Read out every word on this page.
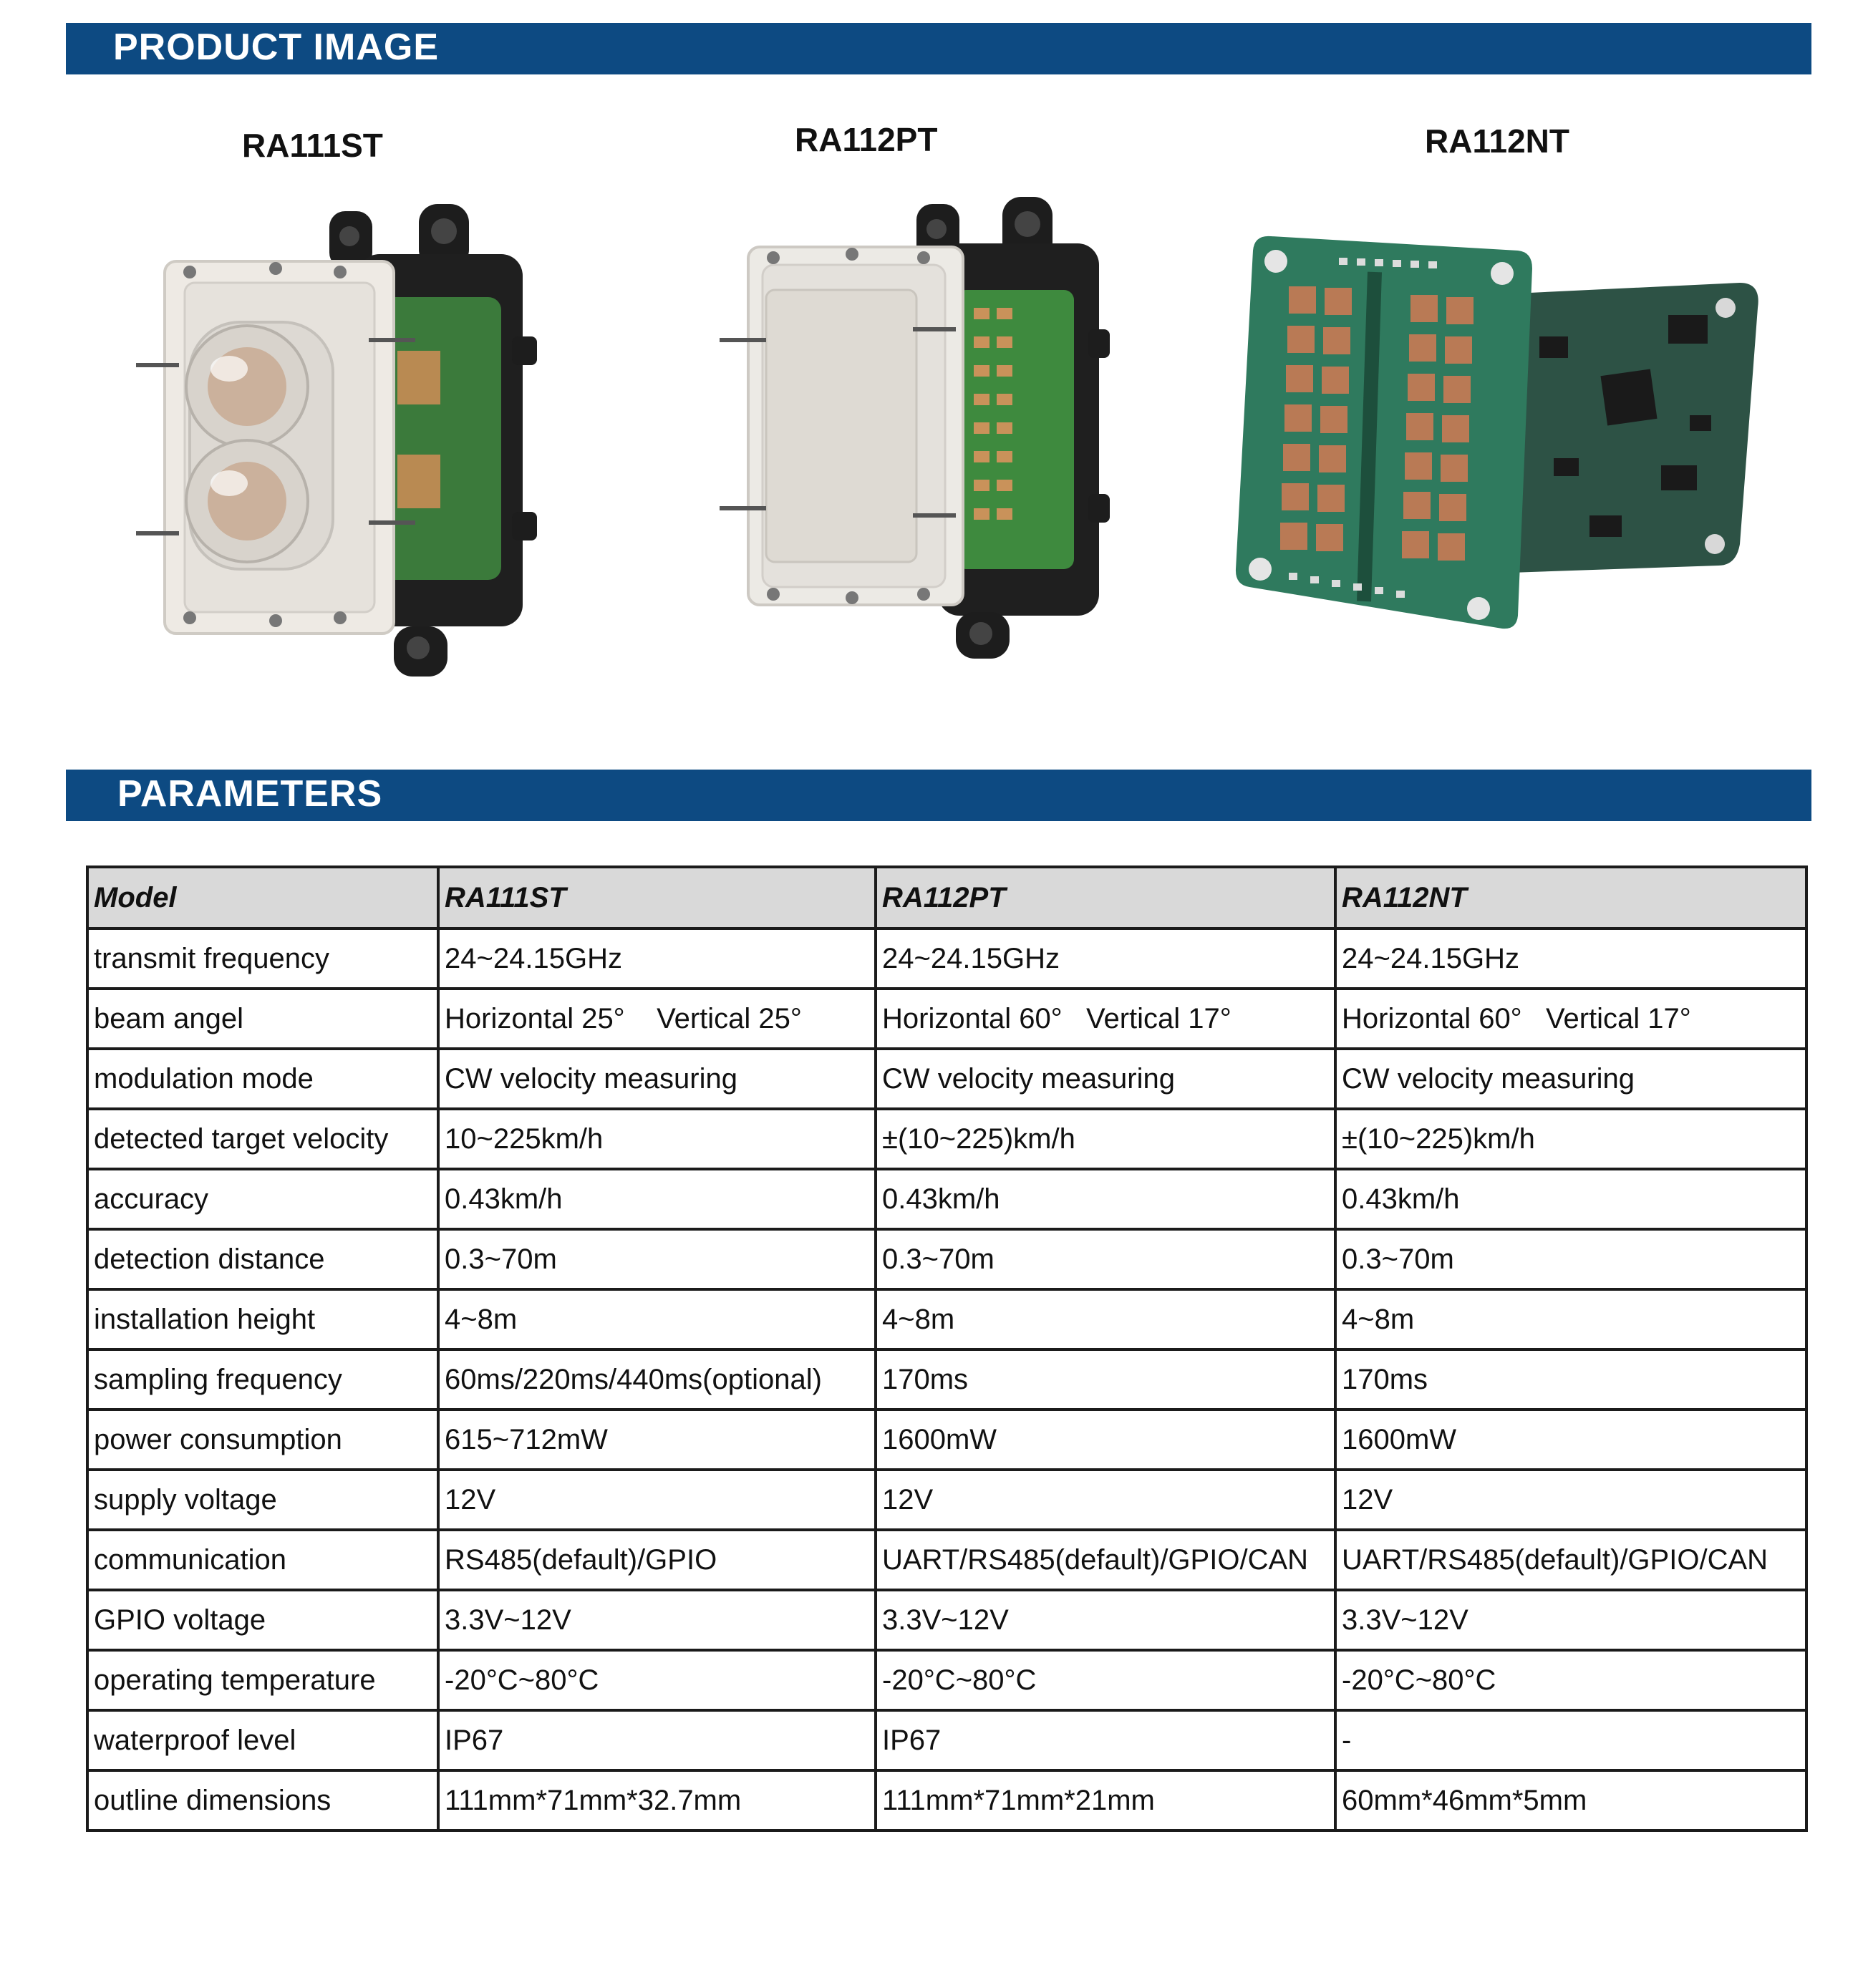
PRODUCT IMAGE
RA111ST	RA112PT	RA112NT
PARAMETERS
Model	RA111ST	RA112PT	RA112NT
transmit frequency	24~24.15GHz	24~24.15GHz	24~24.15GHz
beam angel	Horizontal 25°    Vertical 25°	Horizontal 60°   Vertical 17°	Horizontal 60°   Vertical 17°
modulation mode	CW velocity measuring	CW velocity measuring	CW velocity measuring
detected target velocity	10~225km/h	±(10~225)km/h	±(10~225)km/h
accuracy	0.43km/h	0.43km/h	0.43km/h
detection distance	0.3~70m	0.3~70m	0.3~70m
installation height	4~8m	4~8m	4~8m
sampling frequency	60ms/220ms/440ms(optional)	170ms	170ms
power consumption	615~712mW	1600mW	1600mW
supply voltage	12V	12V	12V
communication	RS485(default)/GPIO	UART/RS485(default)/GPIO/CAN	UART/RS485(default)/GPIO/CAN
GPIO voltage	3.3V~12V	3.3V~12V	3.3V~12V
operating temperature	-20°C~80°C	-20°C~80°C	-20°C~80°C
waterproof level	IP67	IP67	-
outline dimensions	111mm*71mm*32.7mm	111mm*71mm*21mm	60mm*46mm*5mm
